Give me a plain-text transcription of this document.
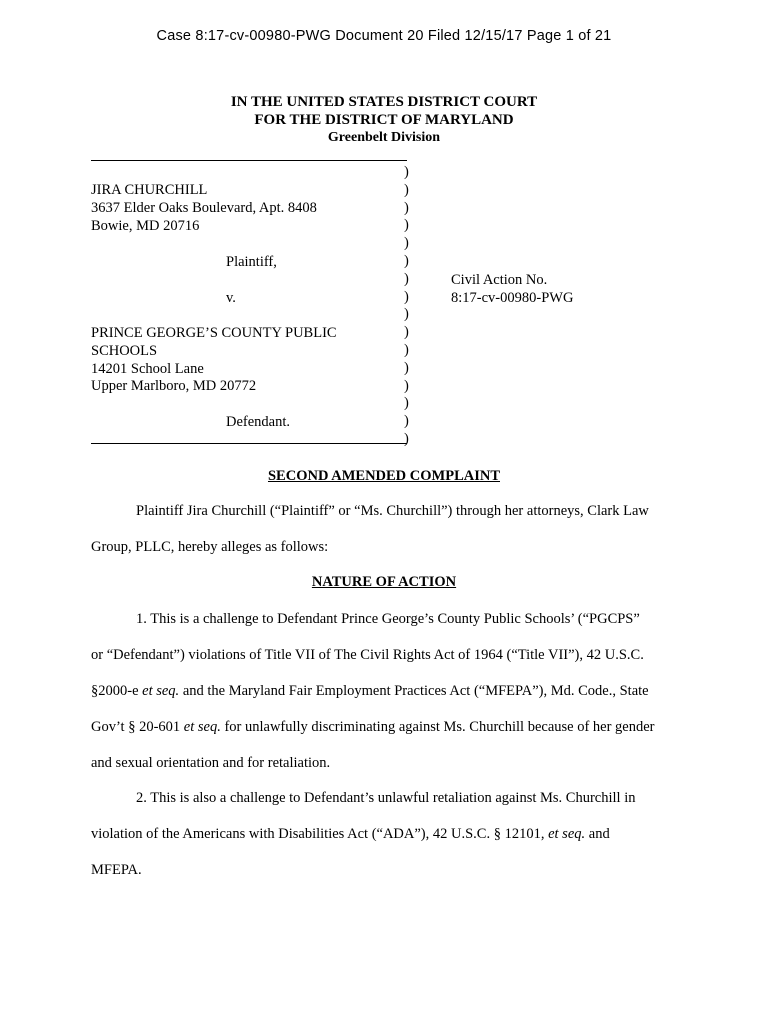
Case 8:17-cv-00980-PWG Document 20 Filed 12/15/17 Page 1 of 21
IN THE UNITED STATES DISTRICT COURT
FOR THE DISTRICT OF MARYLAND
Greenbelt Division
)
)
)
)
)
)
)
)
)
)
)
)
)
)
)
)
JIRA CHURCHILL
3637 Elder Oaks Boulevard, Apt. 8408
Bowie, MD 20716
Plaintiff,
v.
Civil Action No.
8:17-cv-00980-PWG
PRINCE GEORGE’S COUNTY PUBLIC
SCHOOLS
14201 School Lane
Upper Marlboro, MD 20772
Defendant.
SECOND AMENDED COMPLAINT
Plaintiff Jira Churchill (“Plaintiff” or “Ms. Churchill”) through her attorneys, Clark Law
Group, PLLC, hereby alleges as follows:
NATURE OF ACTION
1. This is a challenge to Defendant Prince George’s County Public Schools’ (“PGCPS”
or “Defendant”) violations of Title VII of The Civil Rights Act of 1964 (“Title VII”), 42 U.S.C.
§2000-e et seq. and the Maryland Fair Employment Practices Act (“MFEPA”), Md. Code., State
Gov’t § 20-601 et seq. for unlawfully discriminating against Ms. Churchill because of her gender
and sexual orientation and for retaliation.
2. This is also a challenge to Defendant’s unlawful retaliation against Ms. Churchill in
violation of the Americans with Disabilities Act (“ADA”), 42 U.S.C. § 12101, et seq. and
MFEPA.
